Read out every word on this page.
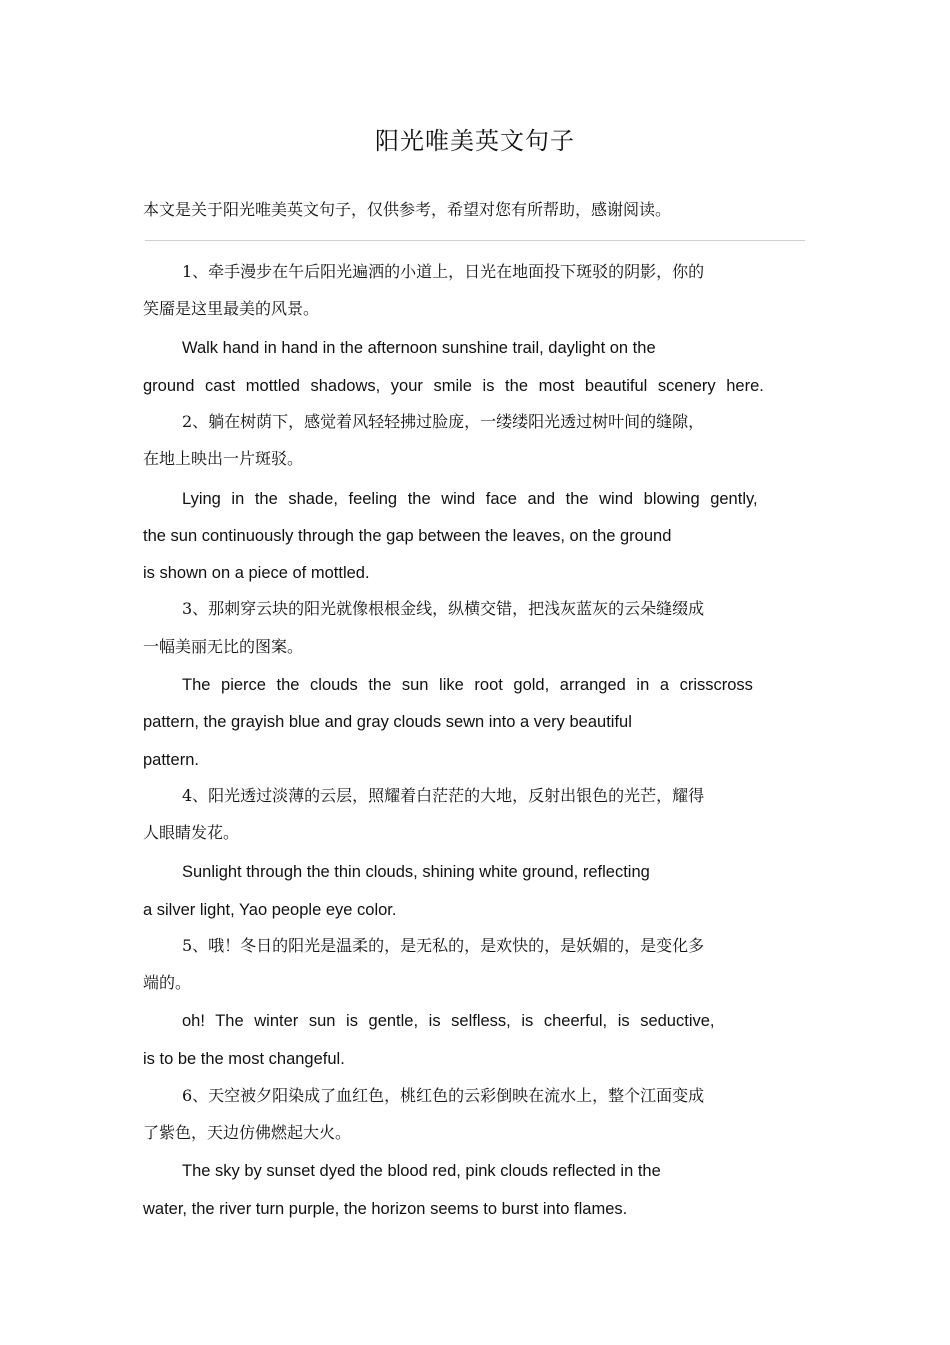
阳光唯美英文句子
本文是关于阳光唯美英文句子，仅供参考，希望对您有所帮助，感谢阅读。
1、牵手漫步在午后阳光遍洒的小道上，日光在地面投下斑驳的阴影，你的
笑靥是这里最美的风景。
Walk hand in hand in the afternoon sunshine trail, daylight on the
ground cast mottled shadows, your smile is the most beautiful scenery here.
2、躺在树荫下，感觉着风轻轻拂过脸庞，一缕缕阳光透过树叶间的缝隙，
在地上映出一片斑驳。
Lying in the shade, feeling the wind face and the wind blowing gently,
the sun continuously through the gap between the leaves, on the ground
is shown on a piece of mottled.
3、那刺穿云块的阳光就像根根金线，纵横交错，把浅灰蓝灰的云朵缝缀成
一幅美丽无比的图案。
The pierce the clouds the sun like root gold, arranged in a crisscross
pattern, the grayish blue and gray clouds sewn into a very beautiful
pattern.
4、阳光透过淡薄的云层，照耀着白茫茫的大地，反射出银色的光芒，耀得
人眼睛发花。
Sunlight through the thin clouds, shining white ground, reflecting
a silver light, Yao people eye color.
5、哦！冬日的阳光是温柔的，是无私的，是欢快的，是妖媚的，是变化多
端的。
oh! The winter sun is gentle, is selfless, is cheerful, is seductive,
is to be the most changeful.
6、天空被夕阳染成了血红色，桃红色的云彩倒映在流水上，整个江面变成
了紫色，天边仿佛燃起大火。
The sky by sunset dyed the blood red, pink clouds reflected in the
water, the river turn purple, the horizon seems to burst into flames.
